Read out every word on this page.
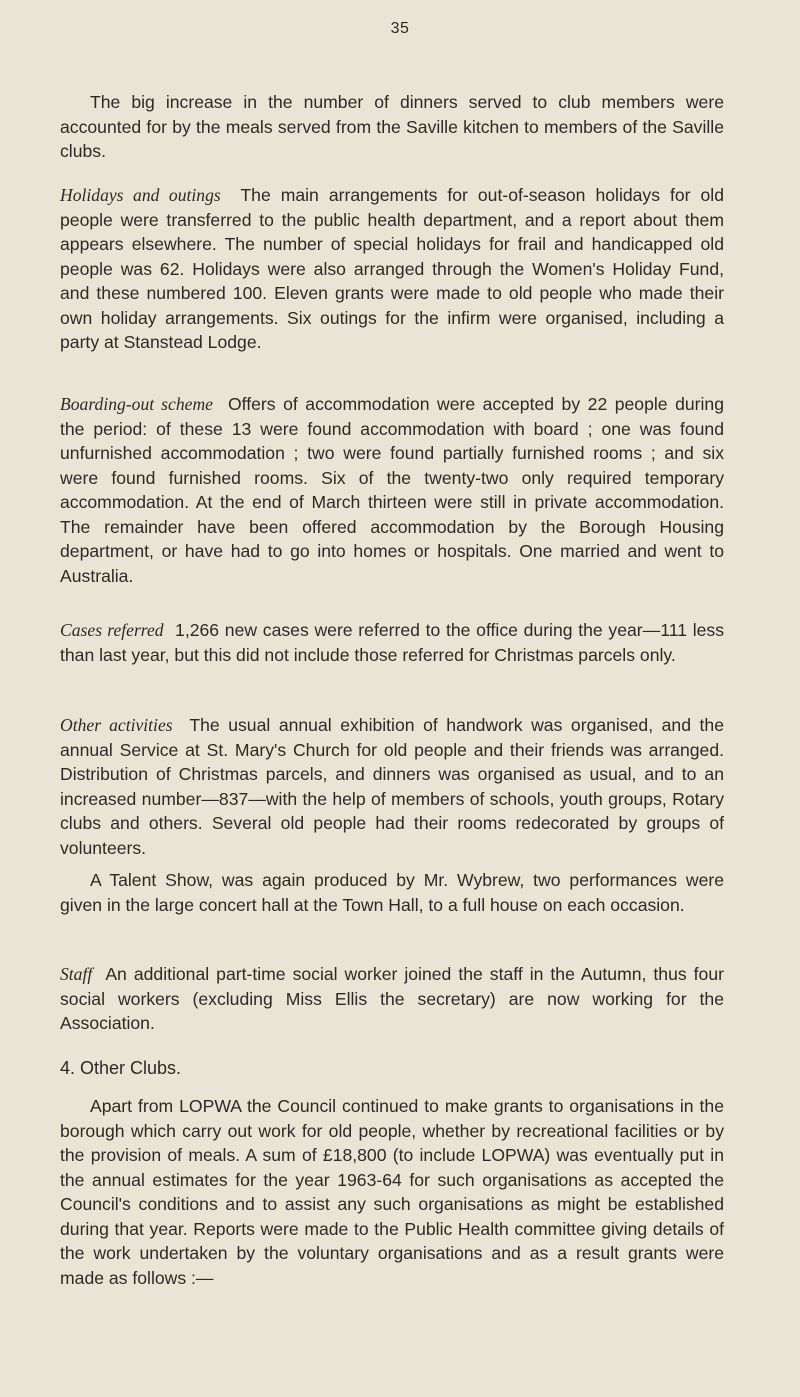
35

The big increase in the number of dinners served to club members were accounted for by the meals served from the Saville kitchen to members of the Saville clubs.

Holidays and outings The main arrangements for out-of-season holidays for old people were transferred to the public health department, and a report about them appears elsewhere. The number of special holidays for frail and handicapped old people was 62. Holidays were also arranged through the Women's Holiday Fund, and these numbered 100. Eleven grants were made to old people who made their own holiday arrangements. Six outings for the infirm were organised, including a party at Stanstead Lodge.

Boarding-out scheme Offers of accommodation were accepted by 22 people during the period: of these 13 were found accommodation with board ; one was found unfurnished accommodation ; two were found partially furnished rooms ; and six were found furnished rooms. Six of the twenty-two only required temporary accommodation. At the end of March thirteen were still in private accommodation. The remainder have been offered accommodation by the Borough Housing department, or have had to go into homes or hospitals. One married and went to Australia.

Cases referred 1,266 new cases were referred to the office during the year—111 less than last year, but this did not include those referred for Christmas parcels only.

Other activities The usual annual exhibition of handwork was organised, and the annual Service at St. Mary's Church for old people and their friends was arranged. Distribution of Christmas parcels, and dinners was organised as usual, and to an increased number—837—with the help of members of schools, youth groups, Rotary clubs and others. Several old people had their rooms redecorated by groups of volunteers.

A Talent Show, was again produced by Mr. Wybrew, two performances were given in the large concert hall at the Town Hall, to a full house on each occasion.

Staff An additional part-time social worker joined the staff in the Autumn, thus four social workers (excluding Miss Ellis the secretary) are now working for the Association.

4. Other Clubs.

Apart from LOPWA the Council continued to make grants to organisations in the borough which carry out work for old people, whether by recreational facilities or by the provision of meals. A sum of £18,800 (to include LOPWA) was eventually put in the annual estimates for the year 1963-64 for such organisations as accepted the Council's conditions and to assist any such organisations as might be established during that year. Reports were made to the Public Health committee giving details of the work undertaken by the voluntary organisations and as a result grants were made as follows :—
